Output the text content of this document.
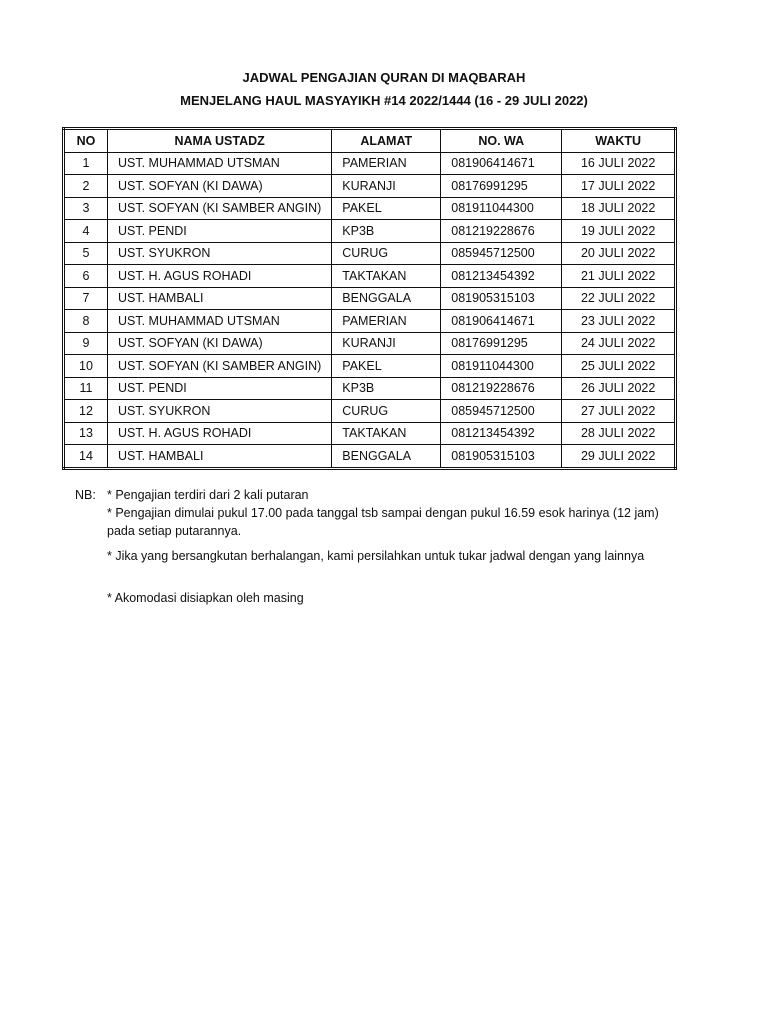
JADWAL PENGAJIAN QURAN DI MAQBARAH
MENJELANG HAUL MASYAYIKH #14 2022/1444 (16 - 29 JULI 2022)
NO	NAMA USTADZ	ALAMAT	NO. WA	WAKTU
1	UST. MUHAMMAD UTSMAN	PAMERIAN	081906414671	16 JULI 2022
2	UST. SOFYAN (KI DAWA)	KURANJI	08176991295	17 JULI 2022
3	UST. SOFYAN (KI SAMBER ANGIN)	PAKEL	081911044300	18 JULI 2022
4	UST. PENDI	KP3B	081219228676	19 JULI 2022
5	UST. SYUKRON	CURUG	085945712500	20 JULI 2022
6	UST. H. AGUS ROHADI	TAKTAKAN	081213454392	21 JULI 2022
7	UST. HAMBALI	BENGGALA	081905315103	22 JULI 2022
8	UST. MUHAMMAD UTSMAN	PAMERIAN	081906414671	23 JULI 2022
9	UST. SOFYAN (KI DAWA)	KURANJI	08176991295	24 JULI 2022
10	UST. SOFYAN (KI SAMBER ANGIN)	PAKEL	081911044300	25 JULI 2022
11	UST. PENDI	KP3B	081219228676	26 JULI 2022
12	UST. SYUKRON	CURUG	085945712500	27 JULI 2022
13	UST. H. AGUS ROHADI	TAKTAKAN	081213454392	28 JULI 2022
14	UST. HAMBALI	BENGGALA	081905315103	29 JULI 2022
NB: * Pengajian terdiri dari 2 kali putaran
* Pengajian dimulai pukul 17.00 pada tanggal tsb sampai dengan pukul 16.59 esok harinya (12 jam) pada setiap putarannya.
* Jika yang bersangkutan berhalangan, kami persilahkan untuk tukar jadwal dengan yang lainnya
* Akomodasi disiapkan oleh masing
